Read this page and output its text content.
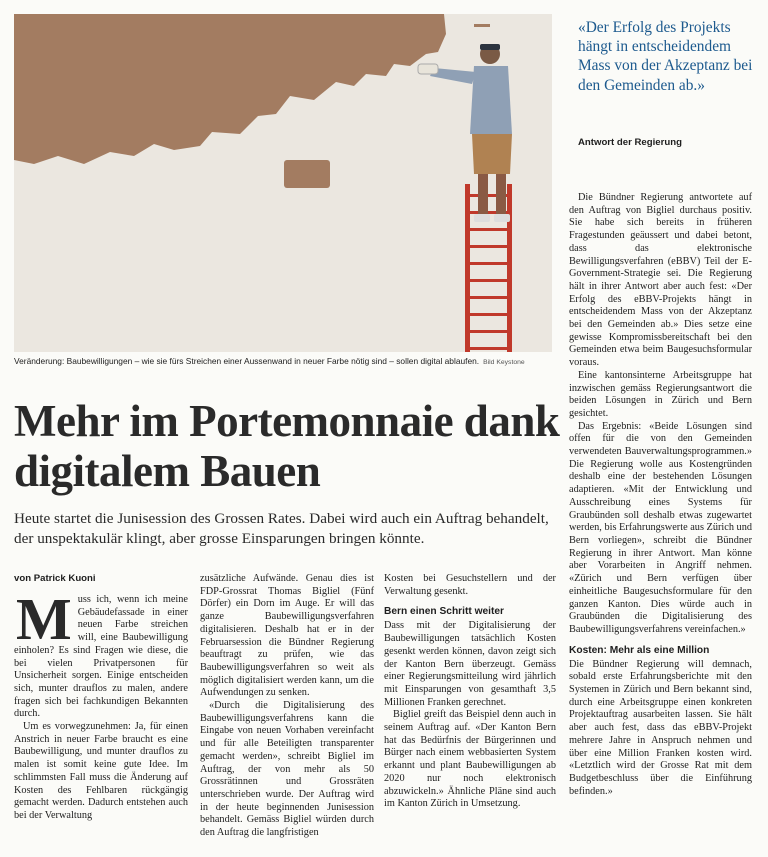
Veränderung: Baubewilligungen – wie sie fürs Streichen einer Aussenwand in neuer Farbe nötig sind – sollen digital ablaufen. Bild Keystone
Mehr im Portemonnaie dank digitalem Bauen
Heute startet die Junisession des Grossen Rates. Dabei wird auch ein Auftrag behandelt, der unspektakulär klingt, aber grosse Einsparungen bringen könnte.
von Patrick Kuoni

Muss ich, wenn ich meine Gebäudefassade in einer neuen Farbe streichen will, eine Baubewilligung einholen? Es sind Fragen wie diese, die bei vielen Privatpersonen für Unsicherheit sorgen. Einige entscheiden sich, munter drauflos zu malen, andere fragen sich bei fachkundigen Bekannten durch.

Um es vorwegzunehmen: Ja, für einen Anstrich in neuer Farbe braucht es eine Baubewilligung, und munter drauflos zu malen ist somit keine gute Idee. Im schlimmsten Fall muss die Änderung auf Kosten des Fehlbaren rückgängig gemacht werden. Dadurch entstehen auch bei der Verwaltung

zusätzliche Aufwände. Genau dies ist FDP-Grossrat Thomas Bigliel (Fünf Dörfer) ein Dorn im Auge. Er will das ganze Baubewilligungsverfahren digitalisieren. Deshalb hat er in der Februarsession die Bündner Regierung beauftragt zu prüfen, wie das Baubewilligungsverfahren so weit als möglich digitalisiert werden kann, um die Aufwendungen zu senken.

«Durch die Digitalisierung des Baubewilligungsverfahrens kann die Eingabe von neuen Vorhaben vereinfacht und für alle Beteiligten transparenter gemacht werden», schreibt Bigliel im Auftrag, der von mehr als 50 Grossrätinnen und Grossräten unterschrieben wurde. Der Auftrag wird in der heute beginnenden Junisession behandelt. Gemäss Bigliel würden durch den Auftrag die langfristigen

Kosten bei Gesuchstellern und der Verwaltung gesenkt.

Bern einen Schritt weiter

Dass mit der Digitalisierung der Baubewilligungen tatsächlich Kosten gesenkt werden können, davon zeigt sich der Kanton Bern überzeugt. Gemäss einer Regierungsmitteilung wird jährlich mit Einsparungen von gesamthaft 3,5 Millionen Franken gerechnet.

Bigliel greift das Beispiel denn auch in seinem Auftrag auf. «Der Kanton Bern hat das Bedürfnis der Bürgerinnen und Bürger nach einem webbasierten System erkannt und plant Baubewilligungen ab 2020 nur noch elektronisch abzuwickeln.» Ähnliche Pläne sind auch im Kanton Zürich in Umsetzung.

«Der Erfolg des Projekts hängt in entscheidendem Mass von der Akzeptanz bei den Gemeinden ab.»
Antwort der Regierung

Die Bündner Regierung antwortete auf den Auftrag von Bigliel durchaus positiv. Sie habe sich bereits in früheren Fragestunden geäussert und dabei betont, dass das elektronische Bewilligungsverfahren (eBBV) Teil der E-Government-Strategie sei. Die Regierung hält in ihrer Antwort aber auch fest: «Der Erfolg des eBBV-Projekts hängt in entscheidendem Mass von der Akzeptanz bei den Gemeinden ab.» Dies setze eine gewisse Kompromissbereitschaft bei den Gemeinden etwa beim Baugesuchsformular voraus.

Eine kantonsinterne Arbeitsgruppe hat inzwischen gemäss Regierungsantwort die beiden Lösungen in Zürich und Bern gesichtet.

Das Ergebnis: «Beide Lösungen sind offen für die von den Gemeinden verwendeten Bauverwaltungsprogrammen.» Die Regierung wolle aus Kostengründen deshalb eine der bestehenden Lösungen adaptieren. «Mit der Entwicklung und Ausschreibung eines Systems für Graubünden soll deshalb etwas zugewartet werden, bis Erfahrungswerte aus Zürich und Bern vorliegen», schreibt die Bündner Regierung in ihrer Antwort. Man könne aber Vorarbeiten in Angriff nehmen. «Zürich und Bern verfügen über einheitliche Baugesuchsformulare für den ganzen Kanton. Dies würde auch in Graubünden die Digitalisierung des Baubewilligungsverfahrens vereinfachen.»

Kosten: Mehr als eine Million

Die Bündner Regierung will demnach, sobald erste Erfahrungsberichte mit den Systemen in Zürich und Bern bekannt sind, durch eine Arbeitsgruppe einen konkreten Projektauftrag ausarbeiten lassen. Sie hält aber auch fest, dass das eBBV-Projekt mehrere Jahre in Anspruch nehmen und über eine Million Franken kosten wird. «Letztlich wird der Grosse Rat mit dem Budgetbeschluss über die Einführung befinden.»
